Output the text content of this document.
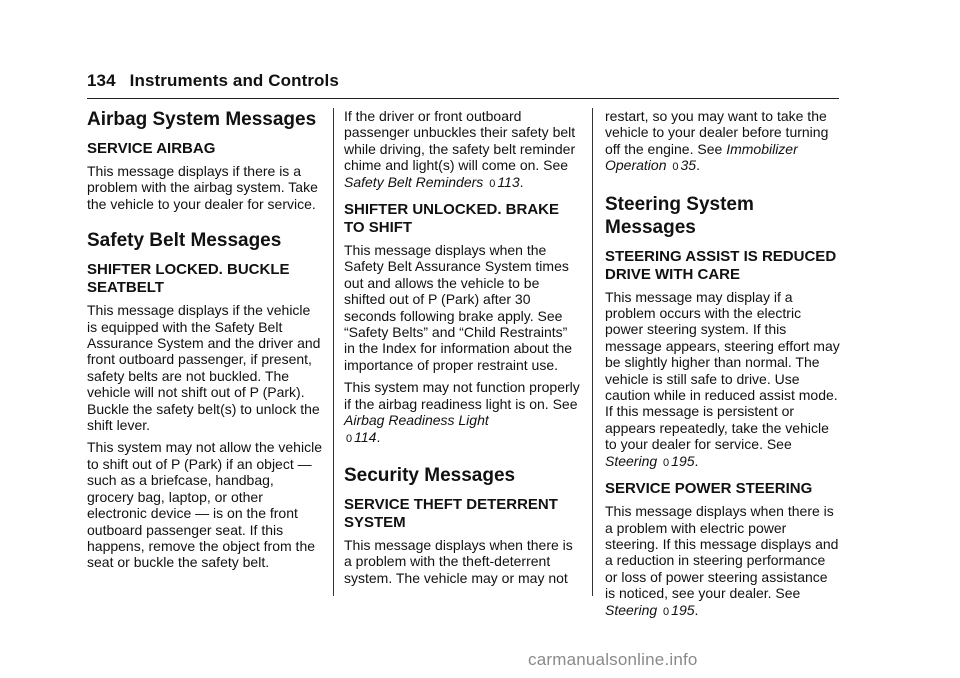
134 Instruments and Controls
Airbag System Messages
SERVICE AIRBAG

This message displays if there is a problem with the airbag system. Take the vehicle to your dealer for service.

Safety Belt Messages
SHIFTER LOCKED. BUCKLE SEATBELT

This message displays if the vehicle is equipped with the Safety Belt Assurance System and the driver and front outboard passenger, if present, safety belts are not buckled. The vehicle will not shift out of P (Park). Buckle the safety belt(s) to unlock the shift lever.

This system may not allow the vehicle to shift out of P (Park) if an object — such as a briefcase, handbag, grocery bag, laptop, or other electronic device — is on the front outboard passenger seat. If this happens, remove the object from the seat or buckle the safety belt.

If the driver or front outboard passenger unbuckles their safety belt while driving, the safety belt reminder chime and light(s) will come on. See Safety Belt Reminders 0 113.

SHIFTER UNLOCKED. BRAKE TO SHIFT

This message displays when the Safety Belt Assurance System times out and allows the vehicle to be shifted out of P (Park) after 30 seconds following brake apply. See “Safety Belts” and “Child Restraints” in the Index for information about the importance of proper restraint use.

This system may not function properly if the airbag readiness light is on. See Airbag Readiness Light
0 114.

Security Messages
SERVICE THEFT DETERRENT SYSTEM

This message displays when there is a problem with the theft-deterrent system. The vehicle may or may not

restart, so you may want to take the vehicle to your dealer before turning off the engine. See Immobilizer Operation 0 35.

Steering System Messages
STEERING ASSIST IS REDUCED DRIVE WITH CARE

This message may display if a problem occurs with the electric power steering system. If this message appears, steering effort may be slightly higher than normal. The vehicle is still safe to drive. Use caution while in reduced assist mode. If this message is persistent or appears repeatedly, take the vehicle to your dealer for service. See Steering 0 195.

SERVICE POWER STEERING

This message displays when there is a problem with electric power steering. If this message displays and a reduction in steering performance or loss of power steering assistance is noticed, see your dealer. See Steering 0 195.

carmanualsonline.info
